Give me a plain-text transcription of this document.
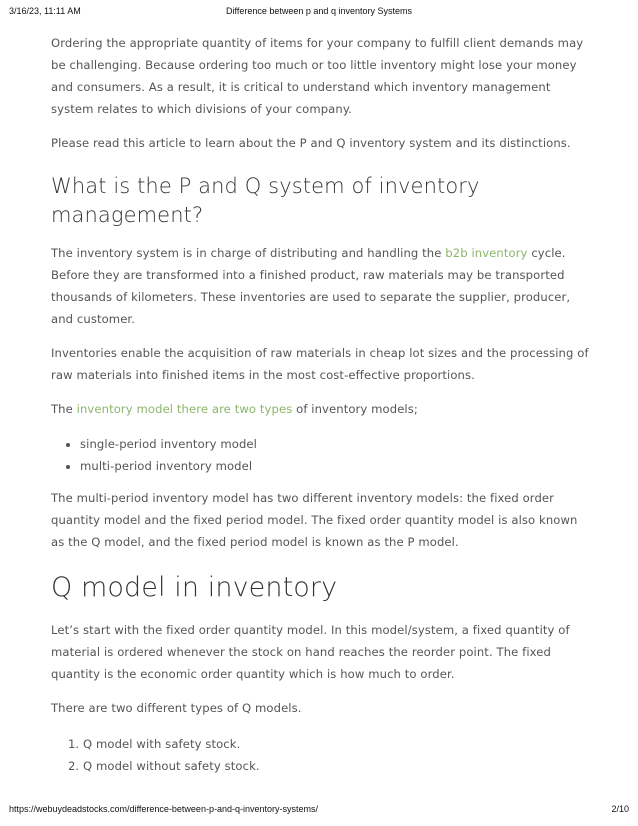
3/16/23, 11:11 AM	Difference between p and q inventory Systems

Ordering the appropriate quantity of items for your company to fulfill client demands may be challenging. Because ordering too much or too little inventory might lose your money and consumers. As a result, it is critical to understand which inventory management system relates to which divisions of your company.

Please read this article to learn about the P and Q inventory system and its distinctions.

What is the P and Q system of inventory management?

The inventory system is in charge of distributing and handling the b2b inventory cycle. Before they are transformed into a finished product, raw materials may be transported thousands of kilometers. These inventories are used to separate the supplier, producer, and customer.

Inventories enable the acquisition of raw materials in cheap lot sizes and the processing of raw materials into finished items in the most cost-effective proportions.

The inventory model there are two types of inventory models;

• single-period inventory model
• multi-period inventory model

The multi-period inventory model has two different inventory models: the fixed order quantity model and the fixed period model. The fixed order quantity model is also known as the Q model, and the fixed period model is known as the P model.

Q model in inventory

Let’s start with the fixed order quantity model. In this model/system, a fixed quantity of material is ordered whenever the stock on hand reaches the reorder point. The fixed quantity is the economic order quantity which is how much to order.

There are two different types of Q models.

1. Q model with safety stock.
2. Q model without safety stock.
https://webuydeadstocks.com/difference-between-p-and-q-inventory-systems/	2/10
